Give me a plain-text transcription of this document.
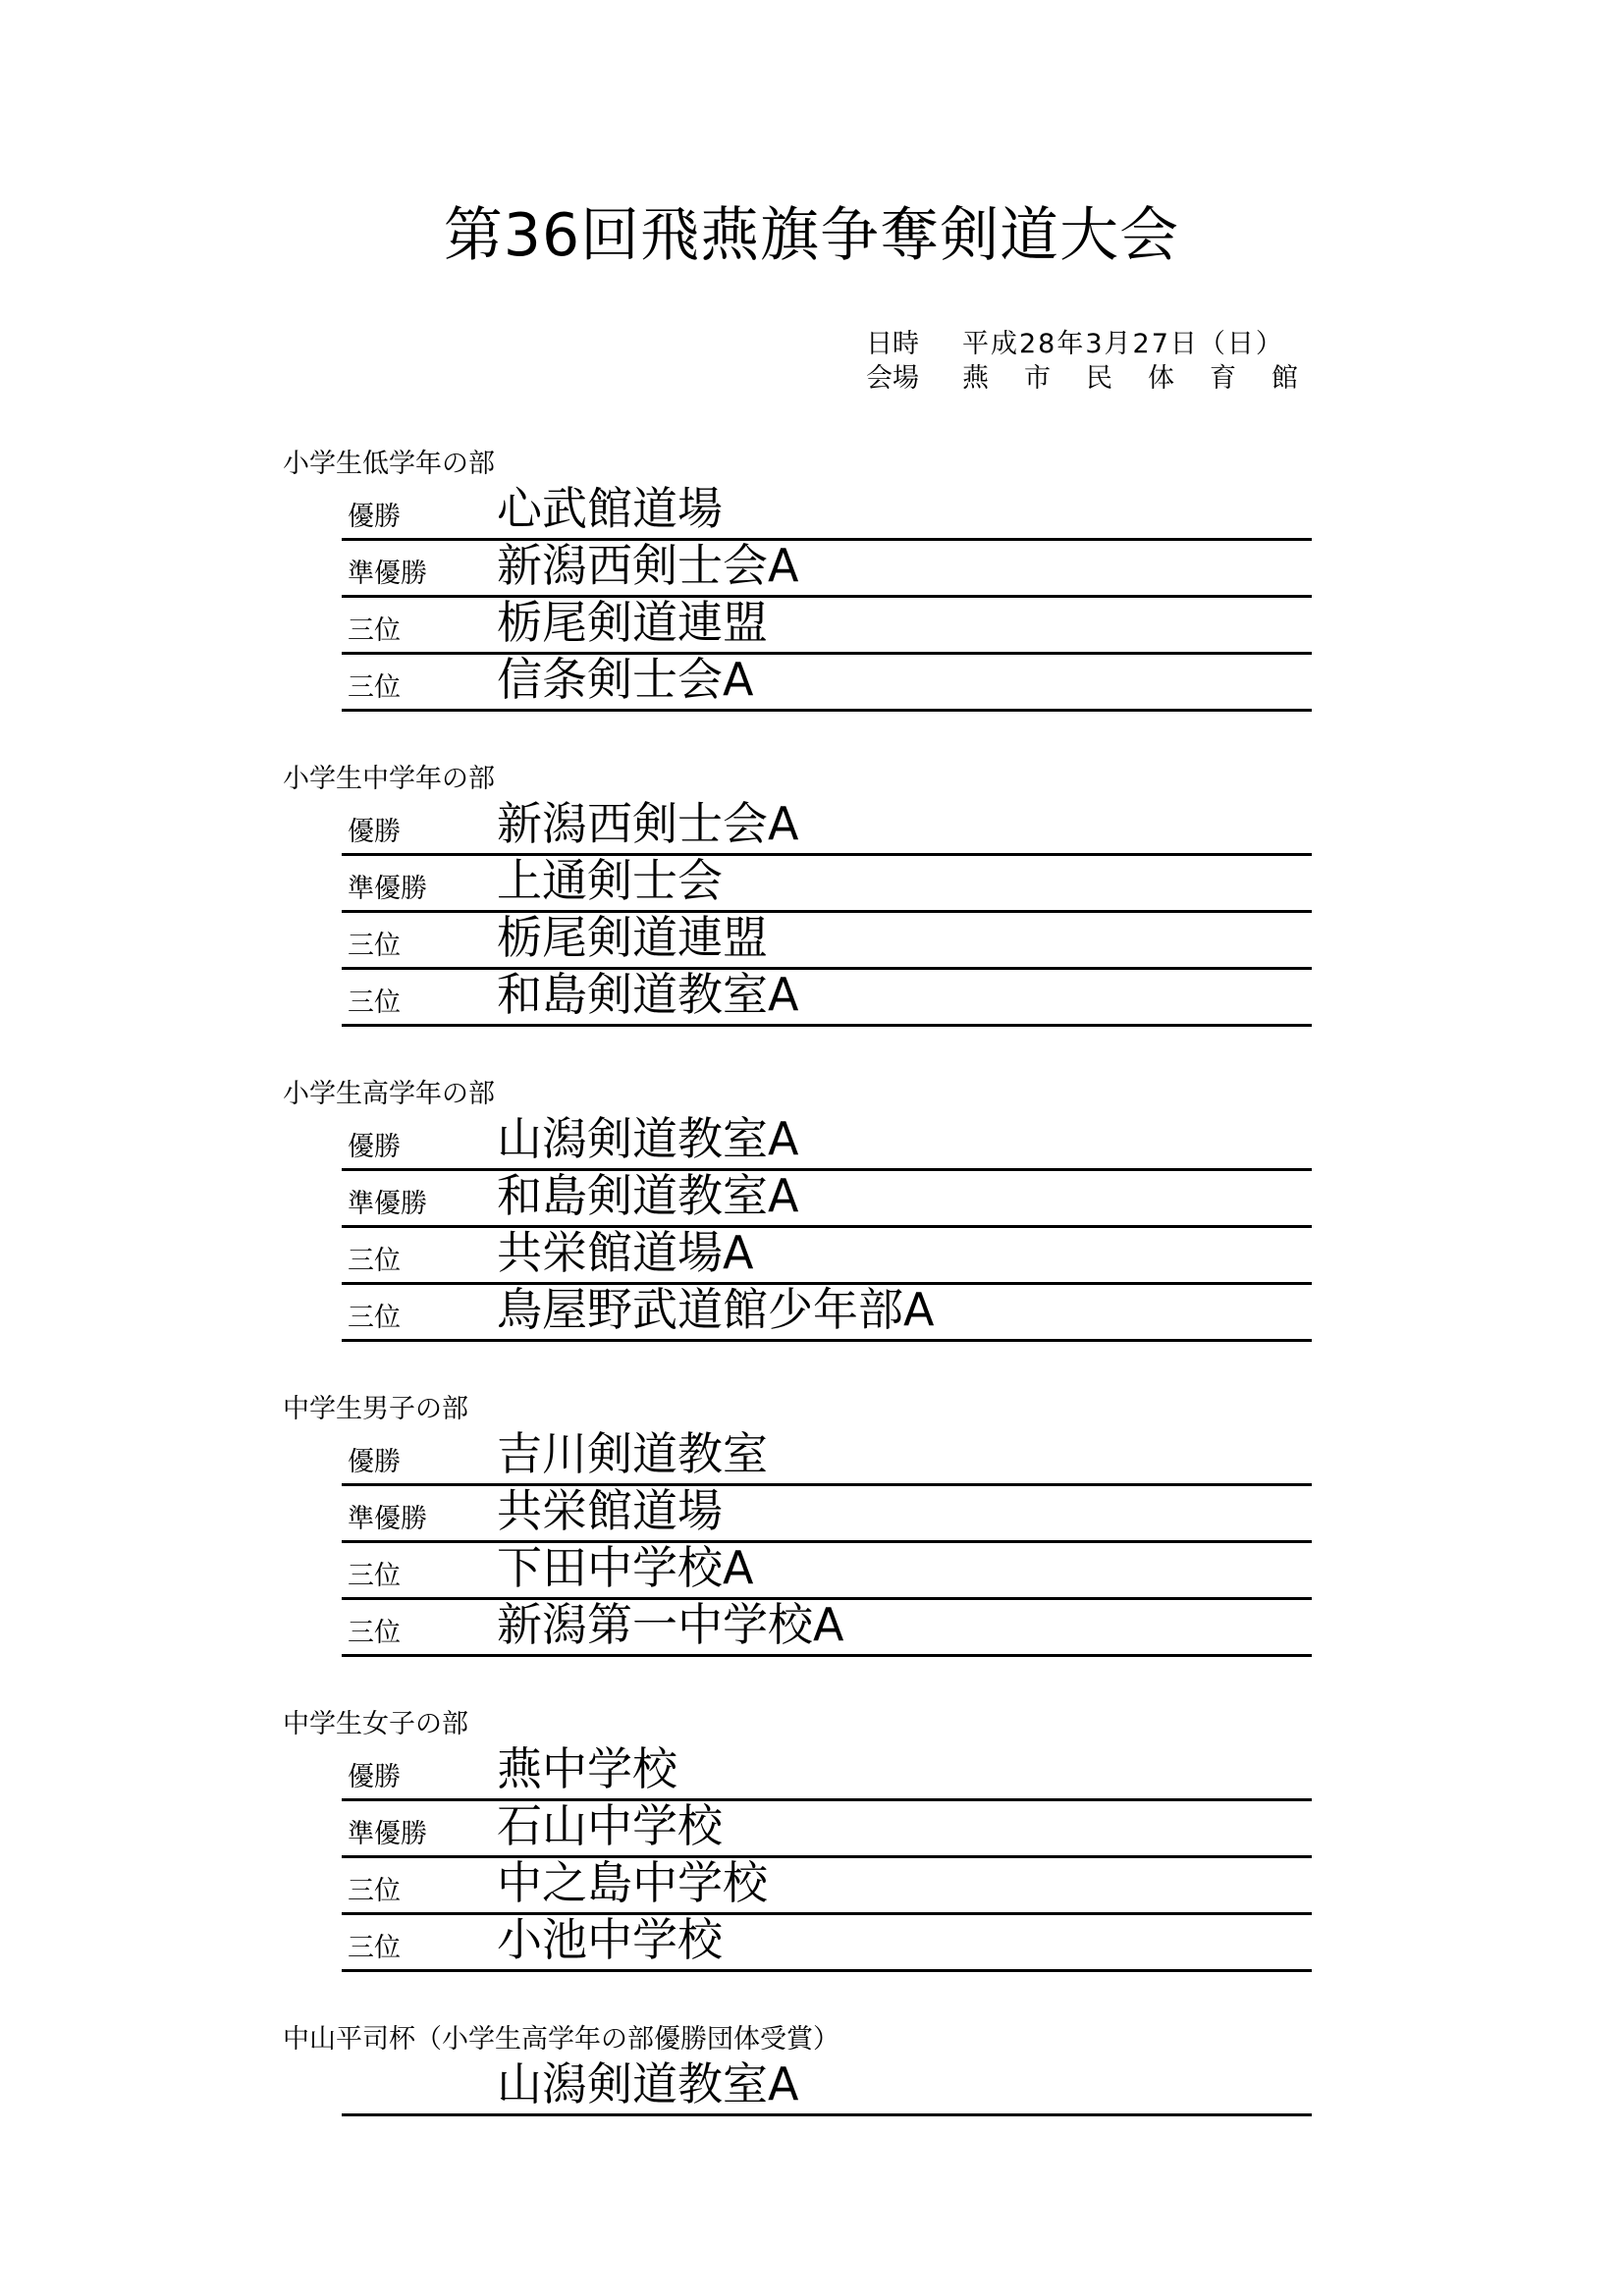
第36回飛燕旗争奪剣道大会
日時 平成28年3月27日（日）
会場 燕 市 民 体 育 館
小学生低学年の部
優勝 心武館道場
準優勝 新潟西剣士会A
三位 栃尾剣道連盟
三位 信条剣士会A
小学生中学年の部
優勝 新潟西剣士会A
準優勝 上通剣士会
三位 栃尾剣道連盟
三位 和島剣道教室A
小学生高学年の部
優勝 山潟剣道教室A
準優勝 和島剣道教室A
三位 共栄館道場A
三位 鳥屋野武道館少年部A
中学生男子の部
優勝 吉川剣道教室
準優勝 共栄館道場
三位 下田中学校A
三位 新潟第一中学校A
中学生女子の部
優勝 燕中学校
準優勝 石山中学校
三位 中之島中学校
三位 小池中学校
中山平司杯（小学生高学年の部優勝団体受賞）
山潟剣道教室A
